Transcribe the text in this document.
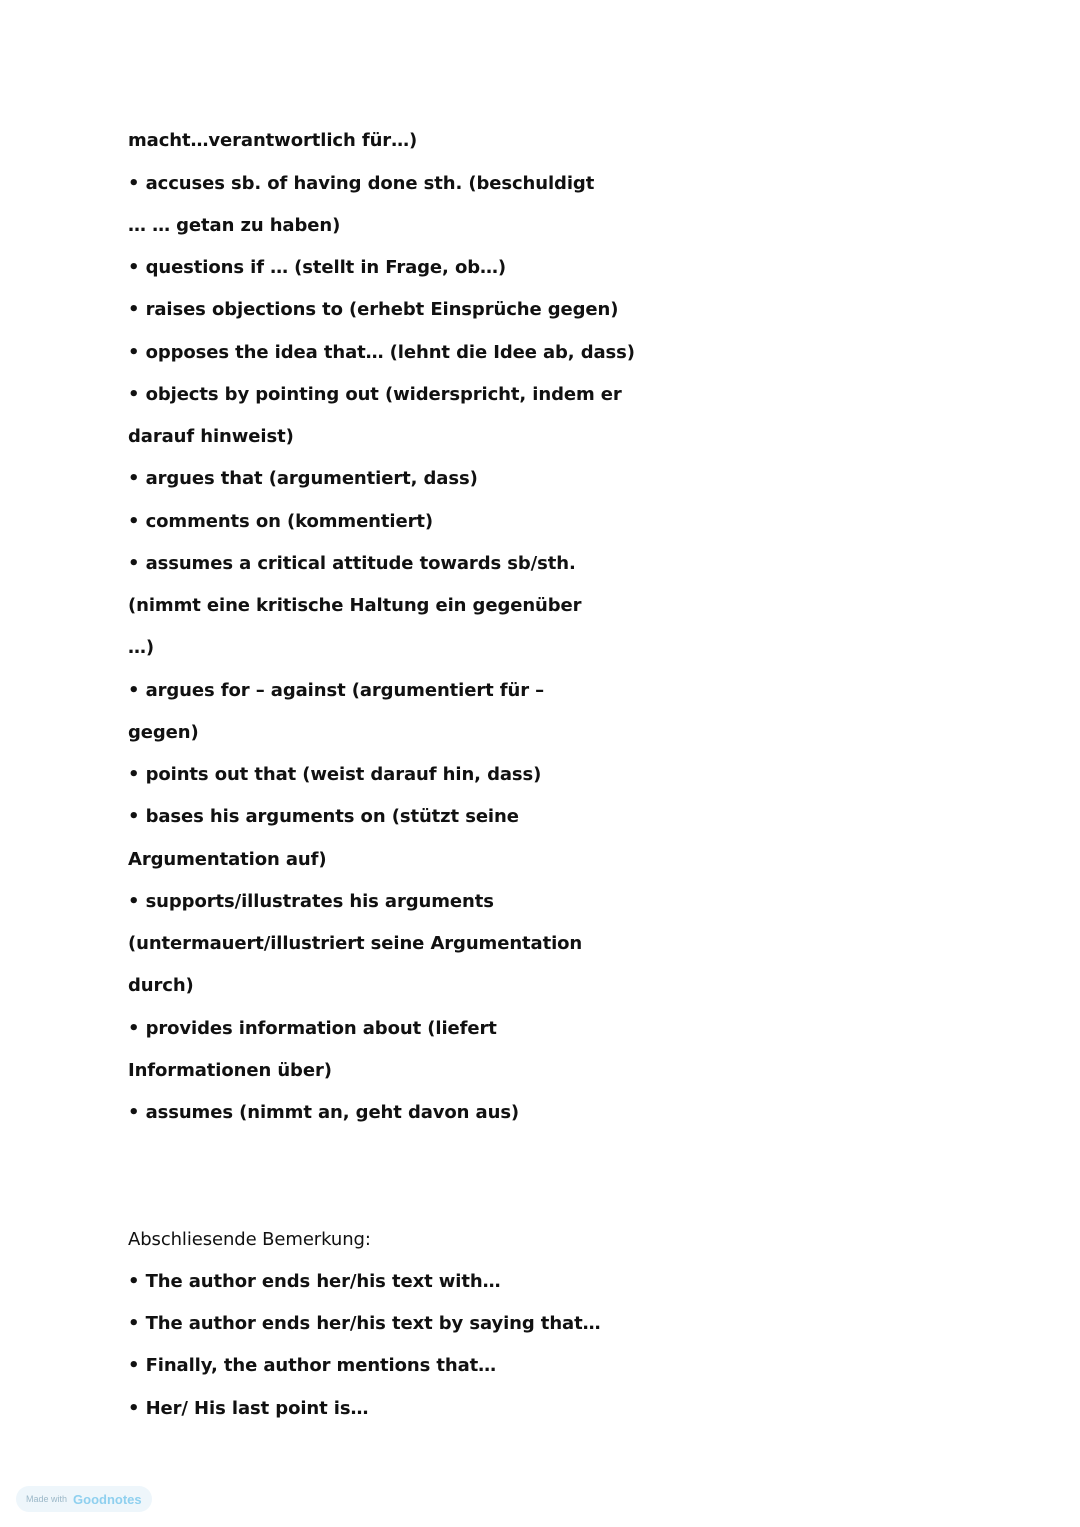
macht…verantwortlich für…)
• accuses sb. of having done sth. (beschuldigt
… … getan zu haben)
• questions if … (stellt in Frage, ob…)
• raises objections to (erhebt Einsprüche gegen)
• opposes the idea that… (lehnt die Idee ab, dass)
• objects by pointing out (widerspricht, indem er
darauf hinweist)
• argues that (argumentiert, dass)
• comments on (kommentiert)
• assumes a critical attitude towards sb/sth.
(nimmt eine kritische Haltung ein gegenüber
…)
• argues for – against (argumentiert für –
gegen)
• points out that (weist darauf hin, dass)
• bases his arguments on (stützt seine
Argumentation auf)
• supports/illustrates his arguments
(untermauert/illustriert seine Argumentation
durch)
• provides information about (liefert
Informationen über)
• assumes (nimmt an, geht davon aus)
Abschliesende Bemerkung:
• The author ends her/his text with…
• The author ends her/his text by saying that…
• Finally, the author mentions that…
• Her/ His last point is…
Made with Goodnotes
